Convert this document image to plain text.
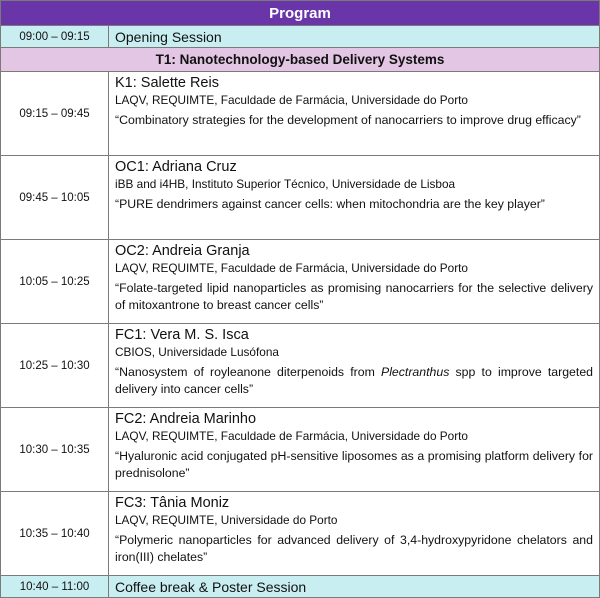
Program	
09:00 – 09:15	Opening Session
T1: Nanotechnology-based Delivery Systems	
09:15 – 09:45	K1: Salette Reis
LAQV, REQUIMTE, Faculdade de Farmácia, Universidade do Porto
“Combinatory strategies for the development of nanocarriers to improve drug efficacy”

09:45 – 10:05	OC1: Adriana Cruz
iBB and i4HB, Instituto Superior Técnico, Universidade de Lisboa
“PURE dendrimers against cancer cells: when mitochondria are the key player”

10:05 – 10:25	OC2: Andreia Granja
LAQV, REQUIMTE, Faculdade de Farmácia, Universidade do Porto
“Folate-targeted lipid nanoparticles as promising nanocarriers for the selective delivery of mitoxantrone to breast cancer cells”

10:25 – 10:30	FC1: Vera M. S. Isca
CBIOS, Universidade Lusófona
“Nanosystem of royleanone diterpenoids from Plectranthus spp to improve targeted delivery into cancer cells”

10:30 – 10:35	FC2: Andreia Marinho
LAQV, REQUIMTE, Faculdade de Farmácia, Universidade do Porto
“Hyaluronic acid conjugated pH-sensitive liposomes as a promising platform delivery for prednisolone”

10:35 – 10:40	FC3: Tânia Moniz
LAQV, REQUIMTE, Universidade do Porto
“Polymeric nanoparticles for advanced delivery of 3,4-hydroxypyridone chelators and iron(III) chelates”

10:40 – 11:00	Coffee break & Poster Session
